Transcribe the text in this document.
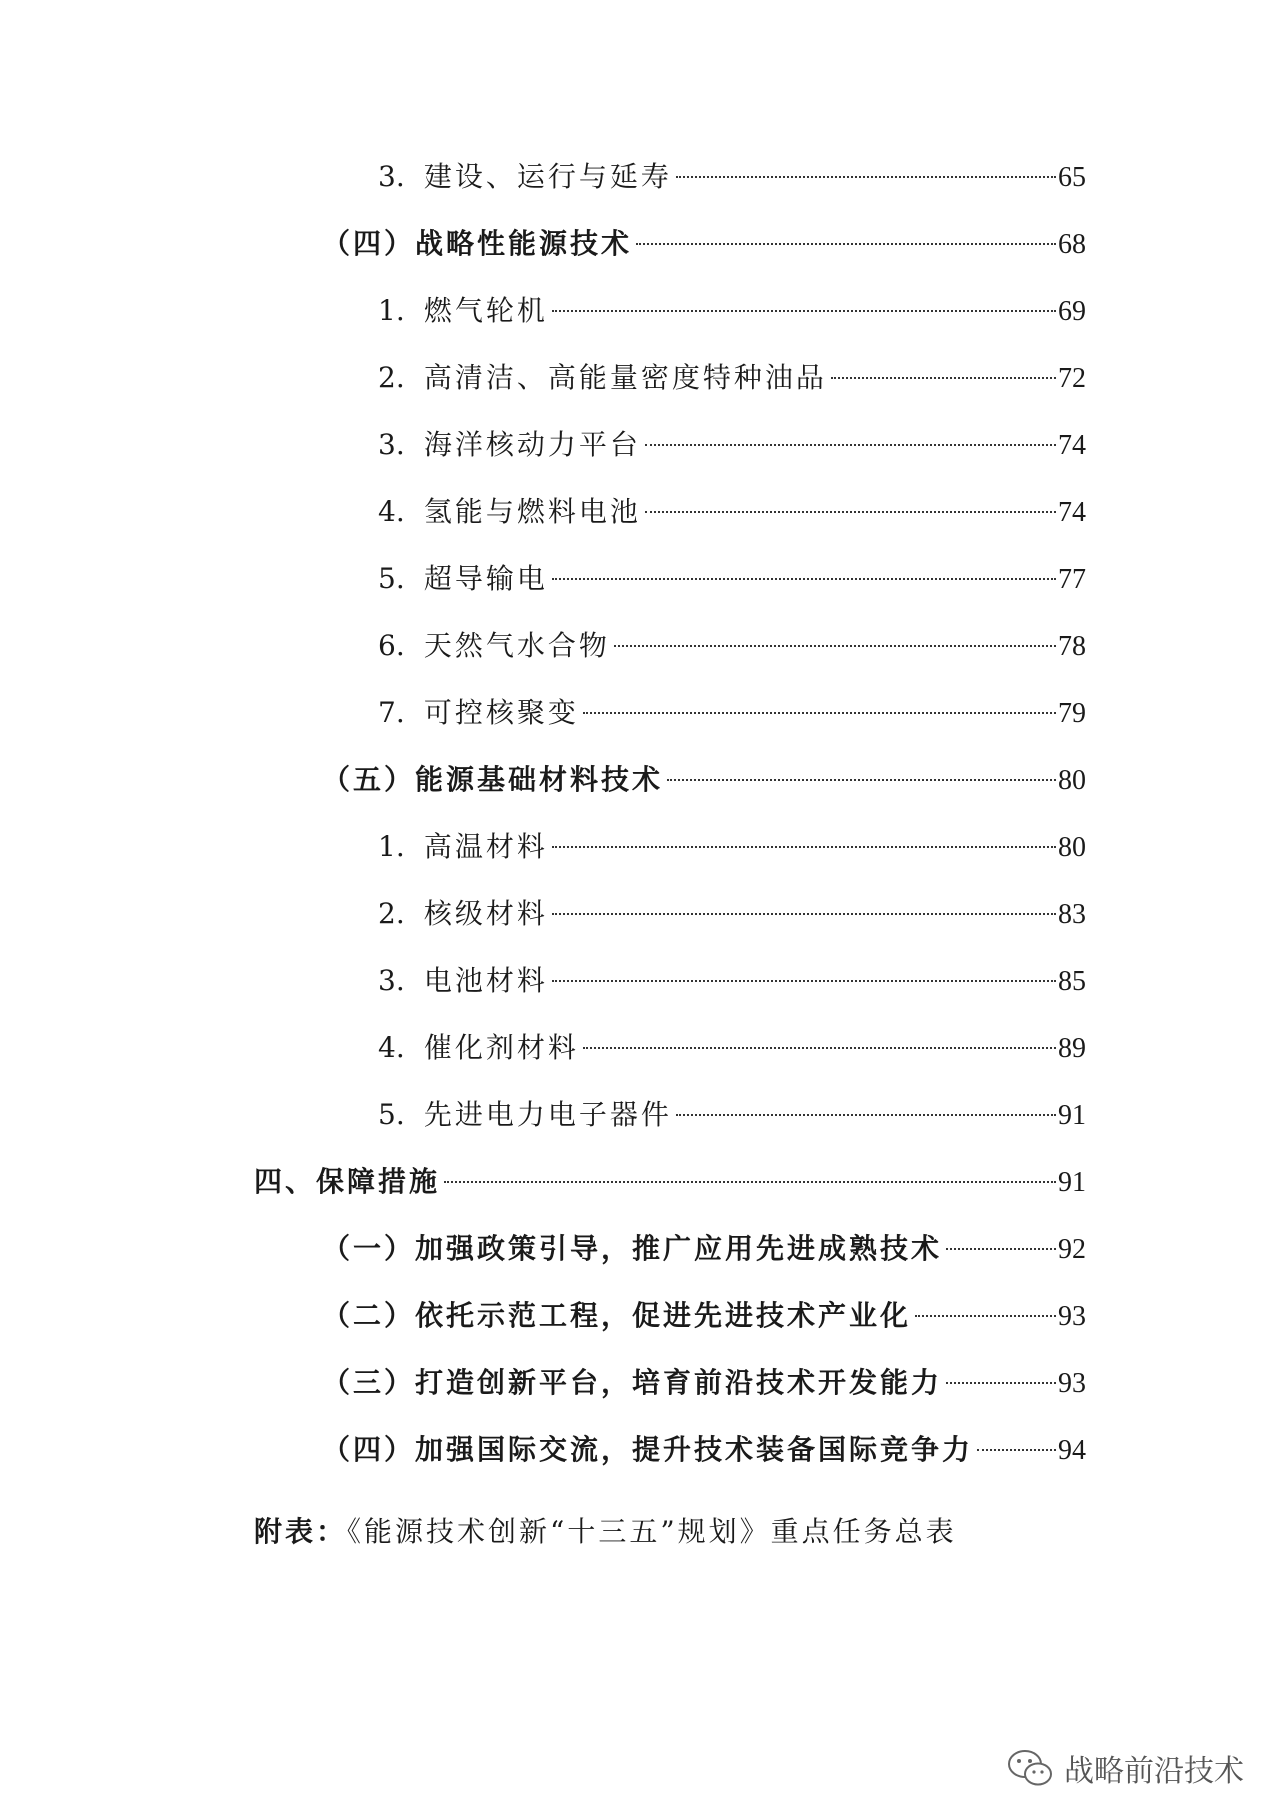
3. 建设、运行与延寿	65
（四）战略性能源技术	68
1. 燃气轮机	69
2. 高清洁、高能量密度特种油品	72
3. 海洋核动力平台	74
4. 氢能与燃料电池	74
5. 超导输电	77
6. 天然气水合物	78
7. 可控核聚变	79
（五）能源基础材料技术	80
1. 高温材料	80
2. 核级材料	83
3. 电池材料	85
4. 催化剂材料	89
5. 先进电力电子器件	91
四、保障措施	91
（一）加强政策引导，推广应用先进成熟技术	92
（二）依托示范工程，促进先进技术产业化	93
（三）打造创新平台，培育前沿技术开发能力	93
（四）加强国际交流，提升技术装备国际竞争力	94
附表：《能源技术创新“十三五”规划》重点任务总表
战略前沿技术
